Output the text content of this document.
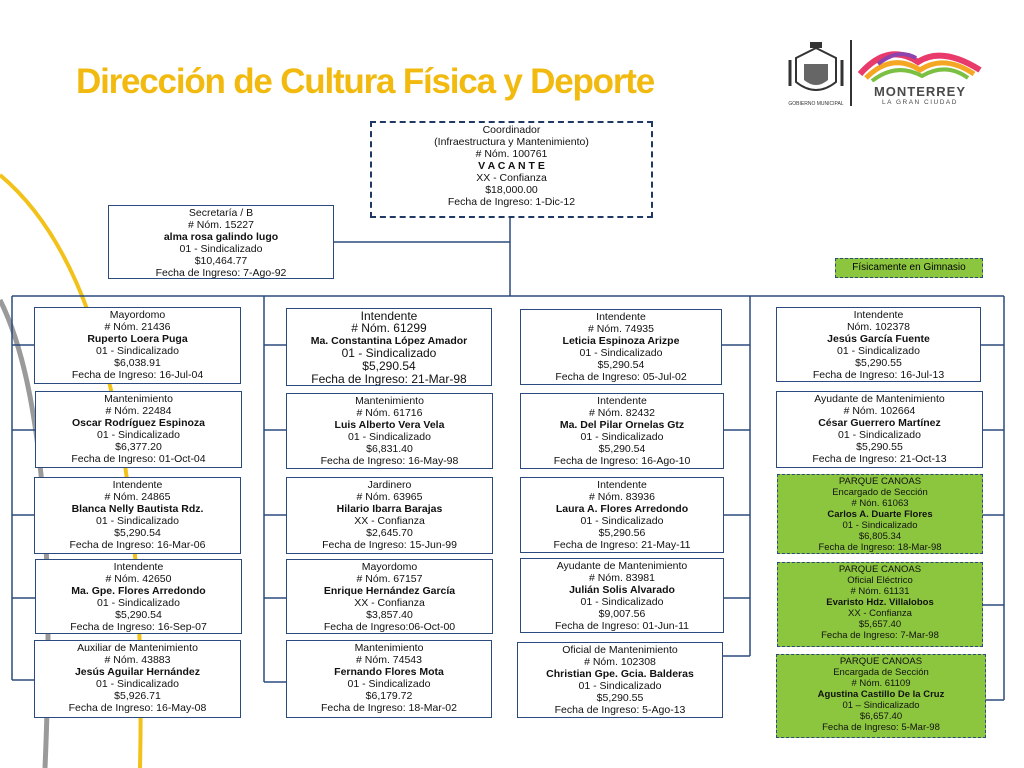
Dirección de Cultura Física y Deporte
GOBIERNO MUNICIPAL
MONTERREY
LA GRAN CIUDAD
Coordinador
(Infraestructura y Mantenimiento)
# Nóm. 100761
V A C A N T E
XX - Confianza
$18,000.00
Fecha de Ingreso: 1-Dic-12
Secretaría / B
# Nóm. 15227
alma rosa galindo lugo
01 - Sindicalizado
$10,464.77
Fecha de Ingreso: 7-Ago-92	Físicamente en Gimnasio
Mayordomo
# Nóm. 21436
Ruperto Loera Puga
01 - Sindicalizado
$6,038.91
Fecha de Ingreso: 16-Jul-04
Mantenimiento
# Nóm. 22484
Oscar Rodríguez Espinoza
01 - Sindicalizado
$6,377.20
Fecha de Ingreso: 01-Oct-04
Intendente
# Nóm. 24865
Blanca Nelly Bautista Rdz.
01 - Sindicalizado
$5,290.54
Fecha de Ingreso: 16-Mar-06
Intendente
# Nóm. 42650
Ma. Gpe. Flores Arredondo
01 - Sindicalizado
$5,290.54
Fecha de Ingreso: 16-Sep-07
Auxiliar de Mantenimiento
# Nóm. 43883
Jesús Aguilar Hernández
01 - Sindicalizado
$5,926.71
Fecha de Ingreso: 16-May-08
Intendente
# Nóm. 61299
Ma. Constantina López Amador
01 - Sindicalizado
$5,290.54
Fecha de Ingreso: 21-Mar-98
Mantenimiento
# Nóm. 61716
Luis Alberto Vera Vela
01 - Sindicalizado
$6,831.40
Fecha de Ingreso: 16-May-98
Jardinero
# Nóm. 63965
Hilario Ibarra Barajas
XX - Confianza
$2,645.70
Fecha de Ingreso: 15-Jun-99
Mayordomo
# Nóm. 67157
Enrique Hernández García
XX - Confianza
$3,857.40
Fecha de Ingreso:06-Oct-00
Mantenimiento
# Nóm. 74543
Fernando Flores Mota
01 - Sindicalizado
$6,179.72
Fecha de Ingreso: 18-Mar-02
Intendente
# Nóm. 74935
Leticia Espinoza Arizpe
01 - Sindicalizado
$5,290.54
Fecha de Ingreso: 05-Jul-02
Intendente
# Nóm. 82432
Ma. Del Pilar Ornelas Gtz
01 - Sindicalizado
$5,290.54
Fecha de Ingreso: 16-Ago-10
Intendente
# Nóm. 83936
Laura A. Flores Arredondo
01 - Sindicalizado
$5,290.56
Fecha de Ingreso: 21-May-11
Ayudante de Mantenimiento
# Nóm. 83981
Julián Solis Alvarado
01 - Sindicalizado
$9,007.56
Fecha de Ingreso: 01-Jun-11
Oficial de Mantenimiento
# Nóm. 102308
Christian Gpe. Gcia. Balderas
01 - Sindicalizado
$5,290.55
Fecha de Ingreso: 5-Ago-13
Intendente
Nóm. 102378
Jesús García Fuente
01 - Sindicalizado
$5,290.55
Fecha de Ingreso: 16-Jul-13
Ayudante de Mantenimiento
# Nóm. 102664
César Guerrero Martínez
01 - Sindicalizado
$5,290.55
Fecha de Ingreso: 21-Oct-13
PARQUE CANOAS
Encargado de Sección
# Nón. 61063
Carlos A. Duarte Flores
01 - Sindicalizado
$6,805.34
Fecha de Ingreso: 18-Mar-98
PARQUE CANOAS
Oficial Eléctrico
# Nóm. 61131
Evaristo Hdz. Villalobos
XX - Confianza
$5,657.40
Fecha de Ingreso: 7-Mar-98
PARQUE CANOAS
Encargada de Sección
# Nóm. 61109
Agustina Castillo De la Cruz
01 – Sindicalizado
$6,657.40
Fecha de Ingreso: 5-Mar-98
